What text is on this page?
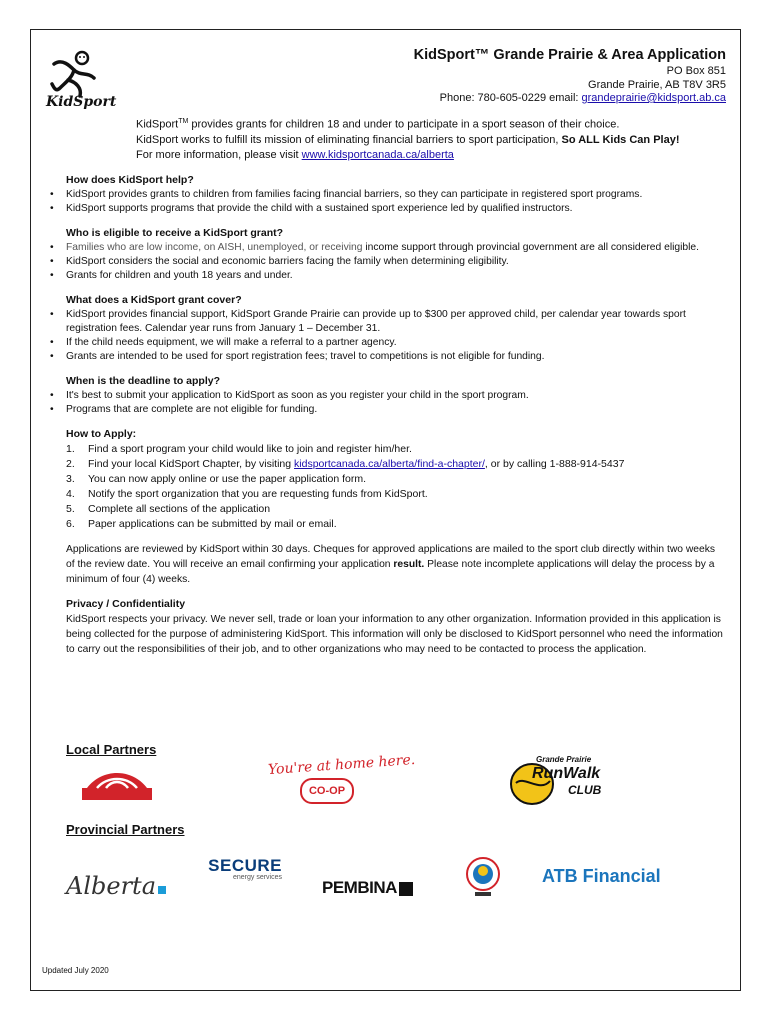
KidSport
KidSport™ Grande Prairie & Area Application
PO Box 851
Grande Prairie, AB T8V 3R5
Phone: 780-605-0229 email: grandeprairie@kidsport.ab.ca
KidSport™ provides grants for children 18 and under to participate in a sport season of their choice.
KidSport works to fulfill its mission of eliminating financial barriers to sport participation, So ALL Kids Can Play!
For more information, please visit www.kidsportcanada.ca/alberta
How does KidSport help?
• KidSport provides grants to children from families facing financial barriers, so they can participate in registered sport programs.
• KidSport supports programs that provide the child with a sustained sport experience led by qualified instructors.
Who is eligible to receive a KidSport grant?
• Families who are low income, on AISH, unemployed, or receiving income support through provincial government are all considered eligible.
• KidSport considers the social and economic barriers facing the family when determining eligibility.
• Grants for children and youth 18 years and under.
What does a KidSport grant cover?
• KidSport provides financial support, KidSport Grande Prairie can provide up to $300 per approved child, per calendar year towards sport registration fees. Calendar year runs from January 1 – December 31.
• If the child needs equipment, we will make a referral to a partner agency.
• Grants are intended to be used for sport registration fees; travel to competitions is not eligible for funding.
When is the deadline to apply?
• It's best to submit your application to KidSport as soon as you register your child in the sport program.
• Programs that are complete are not eligible for funding.
How to Apply:
1. Find a sport program your child would like to join and register him/her.
2. Find your local KidSport Chapter, by visiting kidsportcanada.ca/alberta/find-a-chapter/, or by calling 1-888-914-5437
3. You can now apply online or use the paper application form.
4. Notify the sport organization that you are requesting funds from KidSport.
5. Complete all sections of the application
6. Paper applications can be submitted by mail or email.

Applications are reviewed by KidSport within 30 days. Cheques for approved applications are mailed to the sport club directly within two weeks of the review date. You will receive an email confirming your application result. Please note incomplete applications will delay the process by a minimum of four (4) weeks.

Privacy / Confidentiality
KidSport respects your privacy. We never sell, trade or loan your information to any other organization. Information provided in this application is being collected for the purpose of administering KidSport. This information will only be disclosed to KidSport personnel who need the information to carry out the responsibilities of their job, and to other organizations who may need to be contacted to process the application.
Local Partners
You're at home here.
CO-OP
Grande Prairie
RunWalk
CLUB
Provincial Partners
Alberta
SECURE
energy services
PEMBINA
ATB Financial
Updated July 2020
